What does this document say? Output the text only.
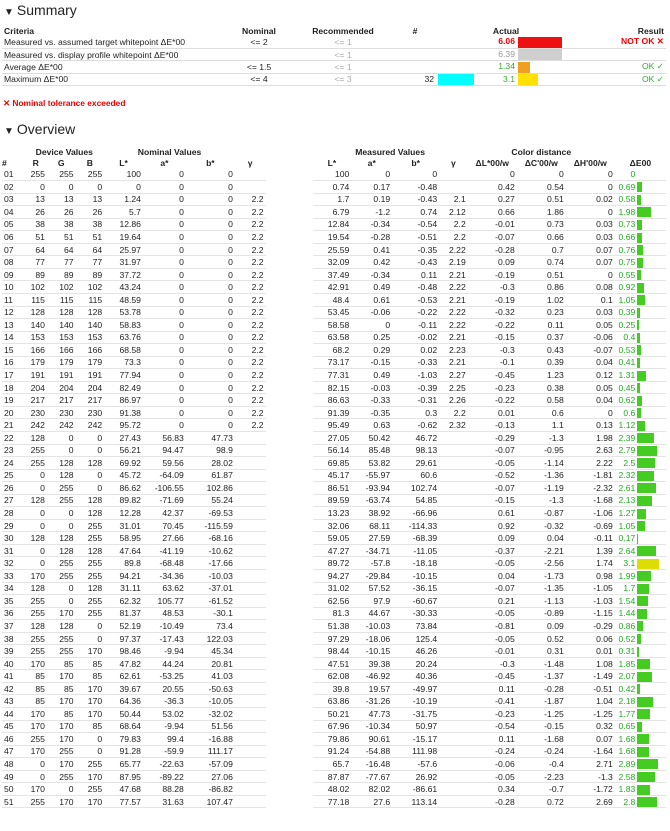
▼ Summary
Criteria	Nominal	Recommended	#	Actual	Result
Measured vs. assumed target whitepoint ΔE*00	<= 2	<= 1		6.06	NOT OK ✕
Measured vs. display profile whitepoint ΔE*00		<= 1		6.39	
Average ΔE*00	<= 1.5	<= 1		1.34	OK ✓
Maximum ΔE*00	<= 4	<= 3	32	3.1	OK ✓
✕ Nominal tolerance exceeded
▼ Overview
	Device Values			Nominal Values					Measured Values				Color distance				
#	R	G	B	L*	a*	b*	γ		L*	a*	b*	γ	ΔL*00/w	ΔC'00/w	ΔH'00/w	ΔE00	
01	255	255	255	100	0	0		100	0	0		0	0	0	0	

02	0	0	0	0	0	0		0.74	0.17	-0.48		0.42	0.54	0	0.69	

03	13	13	13	1.24	0	0	2.2	1.7	0.19	-0.43	2.1	0.27	0.51	0.02	0.58	

04	26	26	26	5.7	0	0	2.2	6.79	-1.2	0.74	2.12	0.66	1.86	0	1.98	

05	38	38	38	12.86	0	0	2.2	12.84	-0.34	-0.54	2.2	-0.01	0.73	0.03	0.73	

06	51	51	51	19.64	0	0	2.2	19.54	-0.28	-0.51	2.2	-0.07	0.66	0.03	0.66	

07	64	64	64	25.97	0	0	2.2	25.59	0.41	-0.35	2.22	-0.28	0.7	0.07	0.76	

08	77	77	77	31.97	0	0	2.2	32.09	0.42	-0.43	2.19	0.09	0.74	0.07	0.75	

09	89	89	89	37.72	0	0	2.2	37.49	-0.34	0.11	2.21	-0.19	0.51	0	0.55	

10	102	102	102	43.24	0	0	2.2	42.91	0.49	-0.48	2.22	-0.3	0.86	0.08	0.92	

11	115	115	115	48.59	0	0	2.2	48.4	0.61	-0.53	2.21	-0.19	1.02	0.1	1.05	

12	128	128	128	53.78	0	0	2.2	53.45	-0.06	-0.22	2.22	-0.32	0.23	0.03	0.39	

13	140	140	140	58.83	0	0	2.2	58.58	0	-0.11	2.22	-0.22	0.11	0.05	0.25	

14	153	153	153	63.76	0	0	2.2	63.58	0.25	-0.02	2.21	-0.15	0.37	-0.06	0.4	

15	166	166	166	68.58	0	0	2.2	68.2	0.29	0.02	2.23	-0.3	0.43	-0.07	0.53	

16	179	179	179	73.3	0	0	2.2	73.17	-0.15	-0.33	2.21	-0.1	0.39	0.04	0.41	

17	191	191	191	77.94	0	0	2.2	77.31	0.49	-1.03	2.27	-0.45	1.23	0.12	1.31	

18	204	204	204	82.49	0	0	2.2	82.15	-0.03	-0.39	2.25	-0.23	0.38	0.05	0.45	

19	217	217	217	86.97	0	0	2.2	86.63	-0.33	-0.31	2.26	-0.22	0.58	0.04	0.62	

20	230	230	230	91.38	0	0	2.2	91.39	-0.35	0.3	2.2	0.01	0.6	0	0.6	

21	242	242	242	95.72	0	0	2.2	95.49	0.63	-0.62	2.32	-0.13	1.1	0.13	1.12	

22	128	0	0	27.43	56.83	47.73		27.05	50.42	46.72		-0.29	-1.3	1.98	2.39	

23	255	0	0	56.21	94.47	98.9		56.14	85.48	98.13		-0.07	-0.95	2.63	2.79	

24	255	128	128	69.92	59.56	28.02		69.85	53.82	29.61		-0.05	-1.14	2.22	2.5	

25	0	128	0	45.72	-64.09	61.87		45.17	-55.97	60.6		-0.52	-1.36	-1.81	2.32	

26	0	255	0	86.62	-106.55	102.86		86.51	-93.94	102.74		-0.07	-1.19	-2.32	2.61	

27	128	255	128	89.82	-71.69	55.24		89.59	-63.74	54.85		-0.15	-1.3	-1.68	2.13	

28	0	0	128	12.28	42.37	-69.53		13.23	38.92	-66.96		0.61	-0.87	-1.06	1.27	

29	0	0	255	31.01	70.45	-115.59		32.06	68.11	-114.33		0.92	-0.32	-0.69	1.05	

30	128	128	255	58.95	27.66	-68.16		59.05	27.59	-68.39		0.09	0.04	-0.11	0.17	

31	0	128	128	47.64	-41.19	-10.62		47.27	-34.71	-11.05		-0.37	-2.21	1.39	2.64	

32	0	255	255	89.8	-68.48	-17.66		89.72	-57.8	-18.18		-0.05	-2.56	1.74	3.1	

33	170	255	255	94.21	-34.36	-10.03		94.27	-29.84	-10.15		0.04	-1.73	0.98	1.99	

34	128	0	128	31.11	63.62	-37.01		31.02	57.52	-36.15		-0.07	-1.35	-1.05	1.7	

35	255	0	255	62.32	105.77	-61.52		62.56	97.9	-60.67		0.21	-1.13	-1.03	1.54	

36	255	170	255	81.37	48.53	-30.1		81.3	44.67	-30.33		-0.05	-0.89	-1.15	1.44	

37	128	128	0	52.19	-10.49	73.4		51.38	-10.03	73.84		-0.81	0.09	-0.29	0.86	

38	255	255	0	97.37	-17.43	122.03		97.29	-18.06	125.4		-0.05	0.52	0.06	0.52	

39	255	255	170	98.46	-9.94	45.34		98.44	-10.15	46.26		-0.01	0.31	0.01	0.31	

40	170	85	85	47.82	44.24	20.81		47.51	39.38	20.24		-0.3	-1.48	1.08	1.85	

41	85	170	85	62.61	-53.25	41.03		62.08	-46.92	40.36		-0.45	-1.37	-1.49	2.07	

42	85	85	170	39.67	20.55	-50.63		39.8	19.57	-49.97		0.11	-0.28	-0.51	0.42	

43	85	170	170	64.36	-36.3	-10.05		63.86	-31.26	-10.19		-0.41	-1.87	1.04	2.18	

44	170	85	170	50.44	53.02	-32.02		50.21	47.73	-31.75		-0.23	-1.25	-1.25	1.77	

45	170	170	85	68.64	-9.94	51.56		67.96	-10.34	50.97		-0.54	-0.15	0.32	0.65	

46	255	170	0	79.83	99.4	-16.88		79.86	90.61	-15.17		0.11	-1.68	0.07	1.68	

47	170	255	0	91.28	-59.9	111.17		91.24	-54.88	111.98		-0.24	-0.24	-1.64	1.68	

48	0	170	255	65.77	-22.63	-57.09		65.7	-16.48	-57.6		-0.06	-0.4	2.71	2.89	

49	0	255	170	87.95	-89.22	27.06		87.87	-77.67	26.92		-0.05	-2.23	-1.3	2.58	

50	170	0	255	47.68	88.28	-86.82		48.02	82.02	-86.61		0.34	-0.7	-1.72	1.83	

51	255	170	170	77.57	31.63	107.47		77.18	27.6	113.14		-0.28	0.72	2.69	2.8	
